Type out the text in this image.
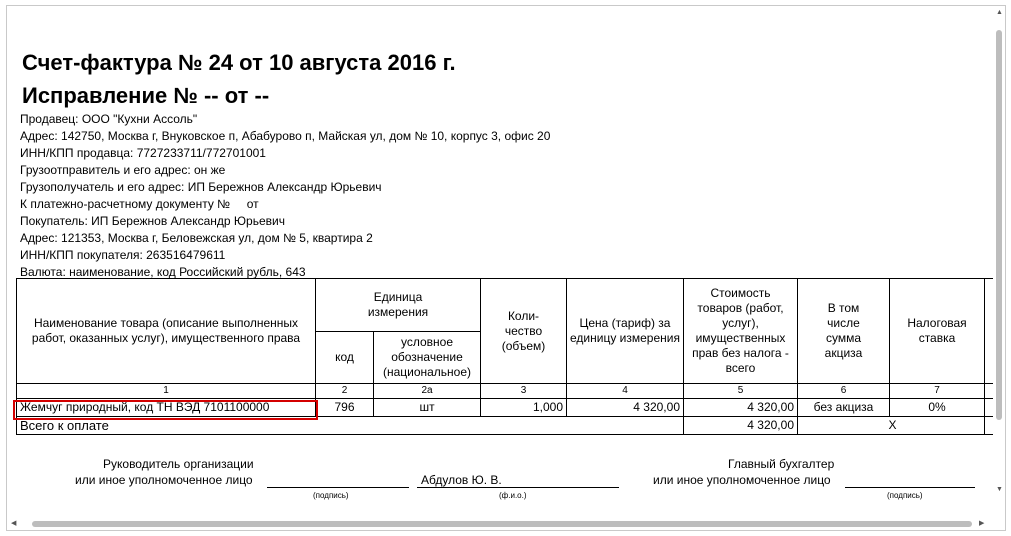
Счет-фактура № 24 от 10 августа 2016 г.
Исправление № -- от --
Продавец: ООО "Кухни Ассоль"
Адрес: 142750, Москва г, Внуковское п, Абабурово п, Майская ул, дом № 10, корпус 3, офис 20
ИНН/КПП продавца: 7727233711/772701001
Грузоотправитель и его адрес: он же
Грузополучатель и его адрес: ИП Бережнов Александр Юрьевич
К платежно-расчетному документу №     от
Покупатель: ИП Бережнов Александр Юрьевич
Адрес: 121353, Москва г, Беловежская ул, дом № 5, квартира 2
ИНН/КПП покупателя: 263516479611
Валюта: наименование, код Российский рубль, 643
Наименование товара (описание выполненных работ, оказанных услуг), имущественного права	Единица измерения		Коли-чество (объем)	Цена (тариф) за единицу измерения	Стоимость товаров (работ, услуг), имущественных прав без налога - всего	В том числе сумма акциза	Налоговая ставка	
	код	условное обозначение (национальное)						
1	2	2а	3	4	5	6	7	
Жемчуг природный, код ТН ВЭД 7101100000	796	шт	1,000	4 320,00	4 320,00	без акциза	0%	
Всего к оплате					4 320,00	X		
Руководитель организации
или иное уполномоченное лицо
(подпись)
Абдулов Ю. В.
(ф.и.о.)
Главный бухгалтер
или иное уполномоченное лицо
(подпись)
▲
▼
◀	▶
